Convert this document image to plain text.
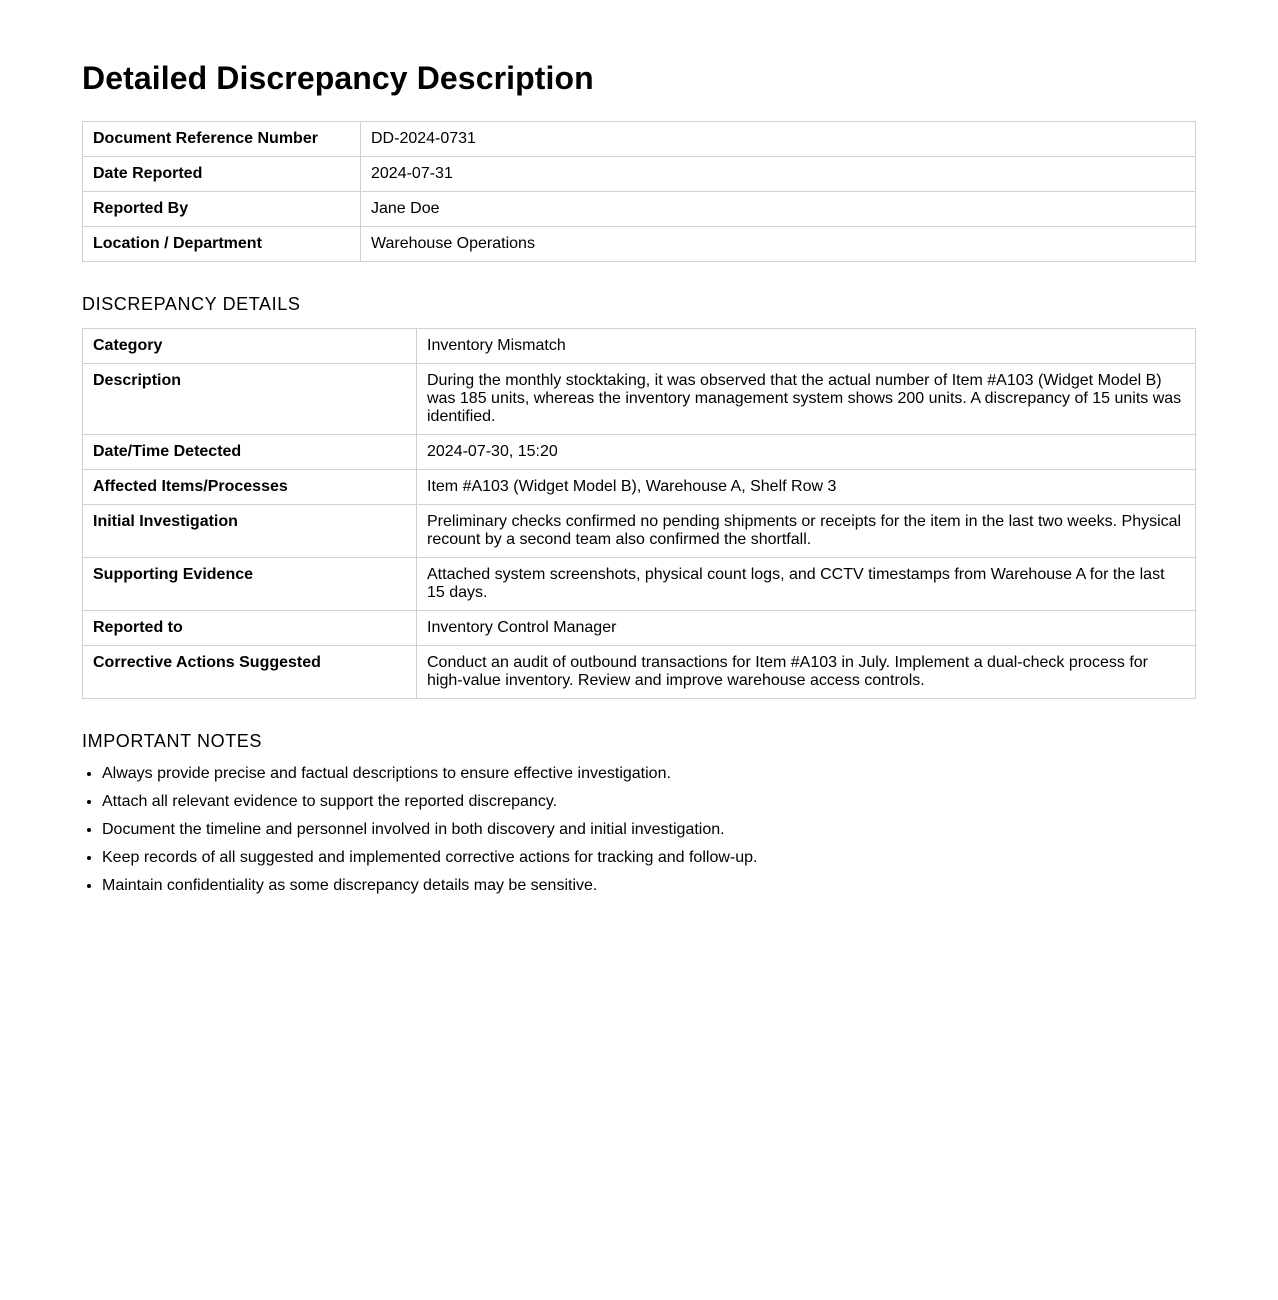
Detailed Discrepancy Description
Document Reference Number	DD-2024-0731
Date Reported	2024-07-31
Reported By	Jane Doe
Location / Department	Warehouse Operations
DISCREPANCY DETAILS
Category	Inventory Mismatch
Description	During the monthly stocktaking, it was observed that the actual number of Item #A103 (Widget Model B) was 185 units, whereas the inventory management system shows 200 units. A discrepancy of 15 units was identified.
Date/Time Detected	2024-07-30, 15:20
Affected Items/Processes	Item #A103 (Widget Model B), Warehouse A, Shelf Row 3
Initial Investigation	Preliminary checks confirmed no pending shipments or receipts for the item in the last two weeks. Physical recount by a second team also confirmed the shortfall.
Supporting Evidence	Attached system screenshots, physical count logs, and CCTV timestamps from Warehouse A for the last 15 days.
Reported to	Inventory Control Manager
Corrective Actions Suggested	Conduct an audit of outbound transactions for Item #A103 in July. Implement a dual-check process for high-value inventory. Review and improve warehouse access controls.
IMPORTANT NOTES
• Always provide precise and factual descriptions to ensure effective investigation.
• Attach all relevant evidence to support the reported discrepancy.
• Document the timeline and personnel involved in both discovery and initial investigation.
• Keep records of all suggested and implemented corrective actions for tracking and follow-up.
• Maintain confidentiality as some discrepancy details may be sensitive.
